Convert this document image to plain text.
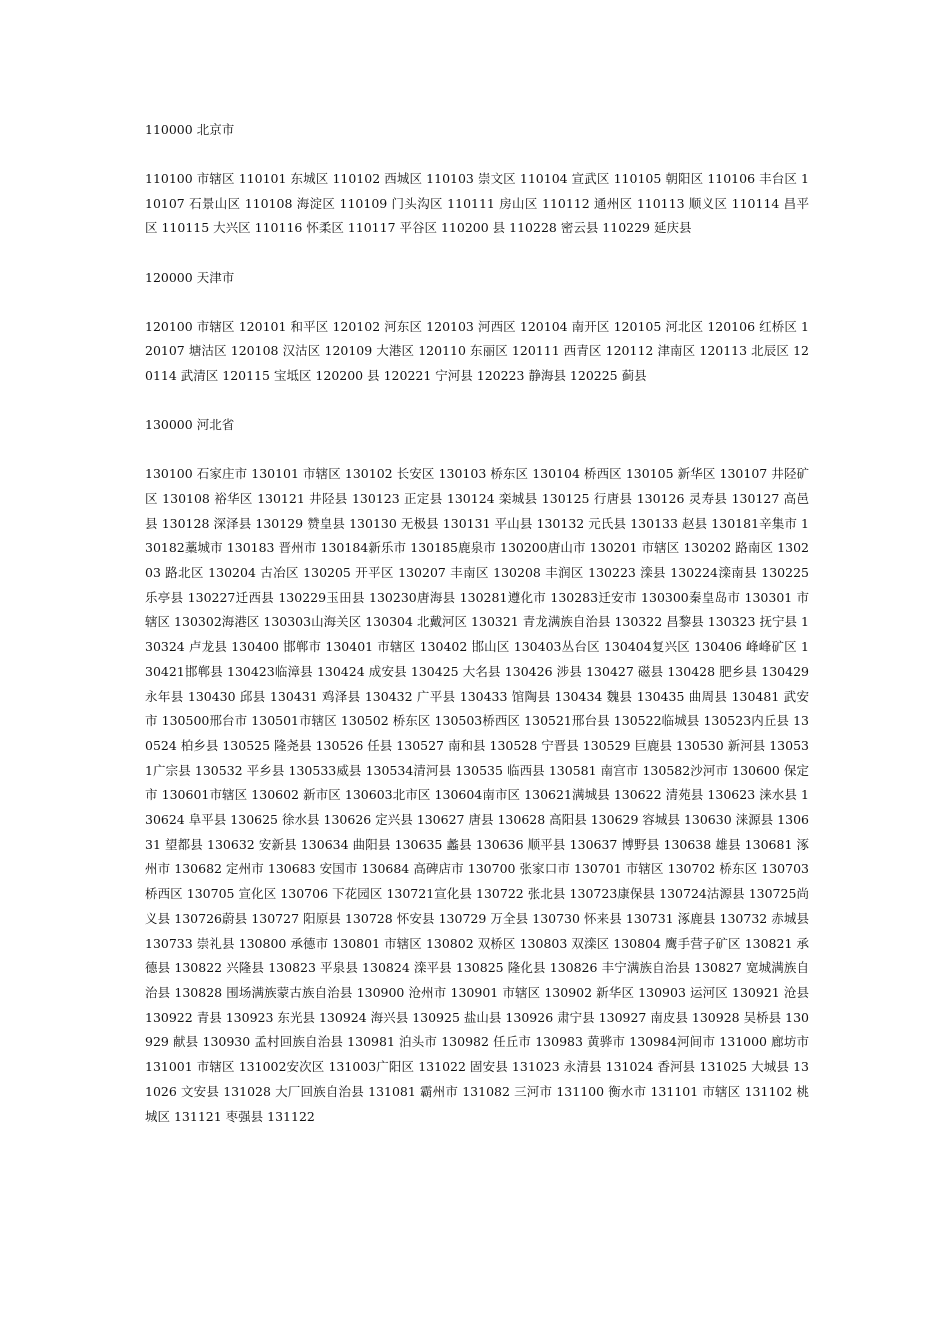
110000 北京市

110100 市辖区 110101 东城区 110102 西城区 110103 崇文区 110104 宣武区 110105 朝阳区 110106 丰台区 110107 石景山区 110108 海淀区 110109 门头沟区 110111 房山区 110112 通州区 110113 顺义区 110114 昌平区 110115 大兴区 110116 怀柔区 110117 平谷区 110200 县 110228 密云县 110229 延庆县

120000 天津市

120100 市辖区 120101 和平区 120102 河东区 120103 河西区 120104 南开区 120105 河北区 120106 红桥区 120107 塘沽区 120108 汉沽区 120109 大港区 120110 东丽区 120111 西青区 120112 津南区 120113 北辰区 120114 武清区 120115 宝坻区 120200 县 120221 宁河县 120223 静海县 120225 蓟县

130000 河北省

130100 石家庄市 130101 市辖区 130102 长安区 130103 桥东区 130104 桥西区 130105 新华区 130107 井陉矿区 130108 裕华区 130121 井陉县 130123 正定县 130124 栾城县 130125 行唐县 130126 灵寿县 130127 高邑县 130128 深泽县 130129 赞皇县 130130 无极县 130131 平山县 130132 元氏县 130133 赵县 130181辛集市 130182藁城市 130183 晋州市 130184新乐市 130185鹿泉市 130200唐山市 130201 市辖区 130202 路南区 130203 路北区 130204 古冶区 130205 开平区 130207 丰南区 130208 丰润区 130223 滦县 130224滦南县 130225 乐亭县 130227迁西县 130229玉田县 130230唐海县 130281遵化市 130283迁安市 130300秦皇岛市 130301 市辖区 130302海港区 130303山海关区 130304 北戴河区 130321 青龙满族自治县 130322 昌黎县 130323 抚宁县 130324 卢龙县 130400 邯郸市 130401 市辖区 130402 邯山区 130403丛台区 130404复兴区 130406 峰峰矿区 130421邯郸县 130423临漳县 130424 成安县 130425 大名县 130426 涉县 130427 磁县 130428 肥乡县 130429 永年县 130430 邱县 130431 鸡泽县 130432 广平县 130433 馆陶县 130434 魏县 130435 曲周县 130481 武安市 130500邢台市 130501市辖区 130502 桥东区 130503桥西区 130521邢台县 130522临城县 130523内丘县 130524 柏乡县 130525 隆尧县 130526 任县 130527 南和县 130528 宁晋县 130529 巨鹿县 130530 新河县 130531广宗县 130532 平乡县 130533威县 130534清河县 130535 临西县 130581 南宫市 130582沙河市 130600 保定市 130601市辖区 130602 新市区 130603北市区 130604南市区 130621满城县 130622 清苑县 130623 涞水县 130624 阜平县 130625 徐水县 130626 定兴县 130627 唐县 130628 高阳县 130629 容城县 130630 涞源县 130631 望都县 130632 安新县 130634 曲阳县 130635 蠡县 130636 顺平县 130637 博野县 130638 雄县 130681 涿州市 130682 定州市 130683 安国市 130684 高碑店市 130700 张家口市 130701 市辖区 130702 桥东区 130703 桥西区 130705 宣化区 130706 下花园区 130721宣化县 130722 张北县 130723康保县 130724沽源县 130725尚义县 130726蔚县 130727 阳原县 130728 怀安县 130729 万全县 130730 怀来县 130731 涿鹿县 130732 赤城县 130733 崇礼县 130800 承德市 130801 市辖区 130802 双桥区 130803 双滦区 130804 鹰手营子矿区 130821 承德县 130822 兴隆县 130823 平泉县 130824 滦平县 130825 隆化县 130826 丰宁满族自治县 130827 宽城满族自治县 130828 围场满族蒙古族自治县 130900 沧州市 130901 市辖区 130902 新华区 130903 运河区 130921 沧县 130922 青县 130923 东光县 130924 海兴县 130925 盐山县 130926 肃宁县 130927 南皮县 130928 吴桥县 130929 献县 130930 孟村回族自治县 130981 泊头市 130982 任丘市 130983 黄骅市 130984河间市 131000 廊坊市 131001 市辖区 131002安次区 131003广阳区 131022 固安县 131023 永清县 131024 香河县 131025 大城县 131026 文安县 131028 大厂回族自治县 131081 霸州市 131082 三河市 131100 衡水市 131101 市辖区 131102 桃城区 131121 枣强县 131122
